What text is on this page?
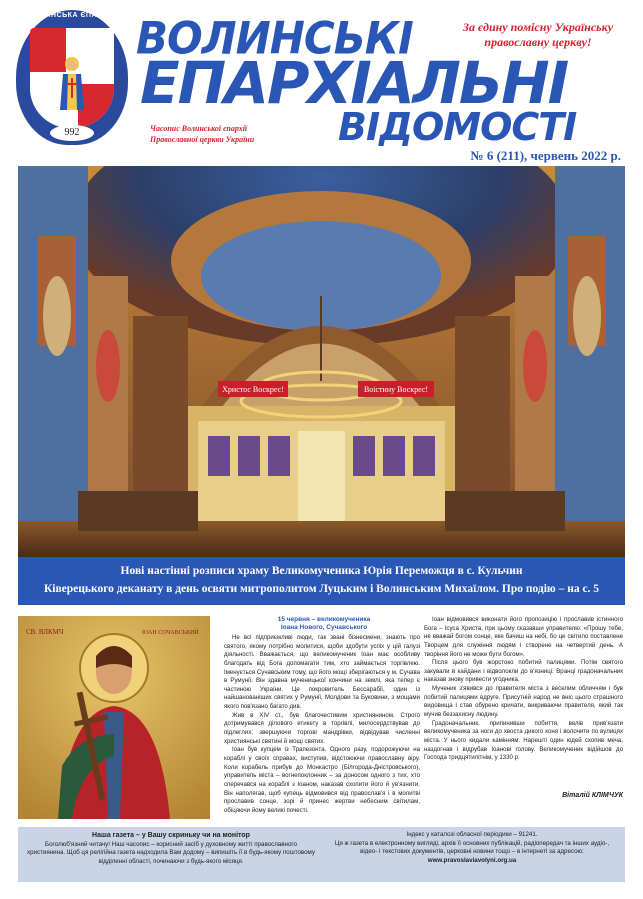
ВОЛИНСЬКА ЄПАРХІЯ
992
ВОЛИНСЬКІ
ЕПАРХІАЛЬНІ
ВІДОМОСТІ
За єдину помісну Українську
православну церкву!
Часопис Волинської єпархії
Православної церкви України
№ 6 (211), червень 2022 р.
Христос Воскрес!	Воістину Воскрес!
Нові настінні розписи храму Великомученика Юрія Переможця в с. Кульчин
Ківерецького деканату в день освяти митрополитом Луцьким і Волинським Михаїлом. Про подію – на с. 5
СВ. ВЛКМЧ	ІОАН СОЧАВСЬКИЙ
15 червня – великомученика
Іоана Нового, Сучавського

Не всі підприємливі люди, так звані бізнесмени, знають про святого, якому потрібно молитися, щоби здобути успіх у цій галузі діяльності. Вважається, що великомученик Іоан має особливу благодать від Бога допомагати тим, хто займається торгівлею. Іменується Сучавським тому, що його мощі зберігаються у м. Сучава в Румунії. Він здавна мученицької кончини на землі, яка тепер є частиною України. Це покровитель Бессарабії, один із найшанованіших святих у Румунії, Молдови та Буковини, з мощами якого пов'язано багато див.

Жив в XIV ст., був благочестивим християнином. Строго дотримувався ділового етикету в торгівлі, милосердствував до підлеглих; звершуючи торгові мандрівки, відвідував численні християнські святині й мощі святих.

Іоан був купцем із Трапезонта. Одного разу, подорожуючи на кораблі у своїх справах, виступив, відстоюючи православну віру. Коли корабель прибув до Монкастро (Білгорода-Дністровського), управитель міста – вогнепоклонник – за доносом одного з тих, хто сперечався на кораблі з Іоаном, наказав схопити його й ув'язнити. Він наполягав, щоб купець відмовився від православ'я і в молитві прославив сонце, зорі й принес жертви небесним світилам, обіцяючи йому великі почесті.

Іоан відмовився виконати його пропозицію і прославив істинного Бога – Ісуса Христа, при цьому сказавши управителю: «Прошу тебе, не вважай богом сонце, яке бачиш на небі, бо це світило поставлене Творцем для служіння людям і створене на четвертий день. А творіння його не може бути богом».

Після цього був жорстоко побитий палицями. Потім святого закували в кайдани і відволокли до в'язниці. Вранці градоначальник наказав знову привести угодника.

Мученик з'явився до правителя міста з веселим обличчям і був побитий палицями вдруге. Присутній народ не вніс цього страшного видовища і став обурено кричати, викриваючи правителя, який так мучив беззахисну людину.

Градоначальник, припинивши побиття, велів прив'язати великомученика за ноги до хвоста дикого коня і волочити по вулицях міста. У нього кидали камінням. Нарешті один юдей схопив меча, наздогнав і відрубав Іоанові голову. Великомученик відійшов до Господа тридцятилітнім, у 1330 р.

Віталій КЛІМЧУК
Наша газета – у Вашу скриньку чи на монітор
Боголюб'язний читачу! Наш часопис – корисний засіб у духовному житті православного християнина. Щоб ця релігійна газета надходила Вам додому – випишіть її в будь-якому поштовому відділенні області, починаючи з будь-якого місяця.
Індекс у каталозі обласної періодики – 91241.
Ця ж газета в електронному вигляді, архів її основних публікацій, радіопередач та інших аудіо-, відео- і текстових документів, церковні новини тощо – в інтернеті за адресою:
www.pravoslaviavolyni.org.ua
